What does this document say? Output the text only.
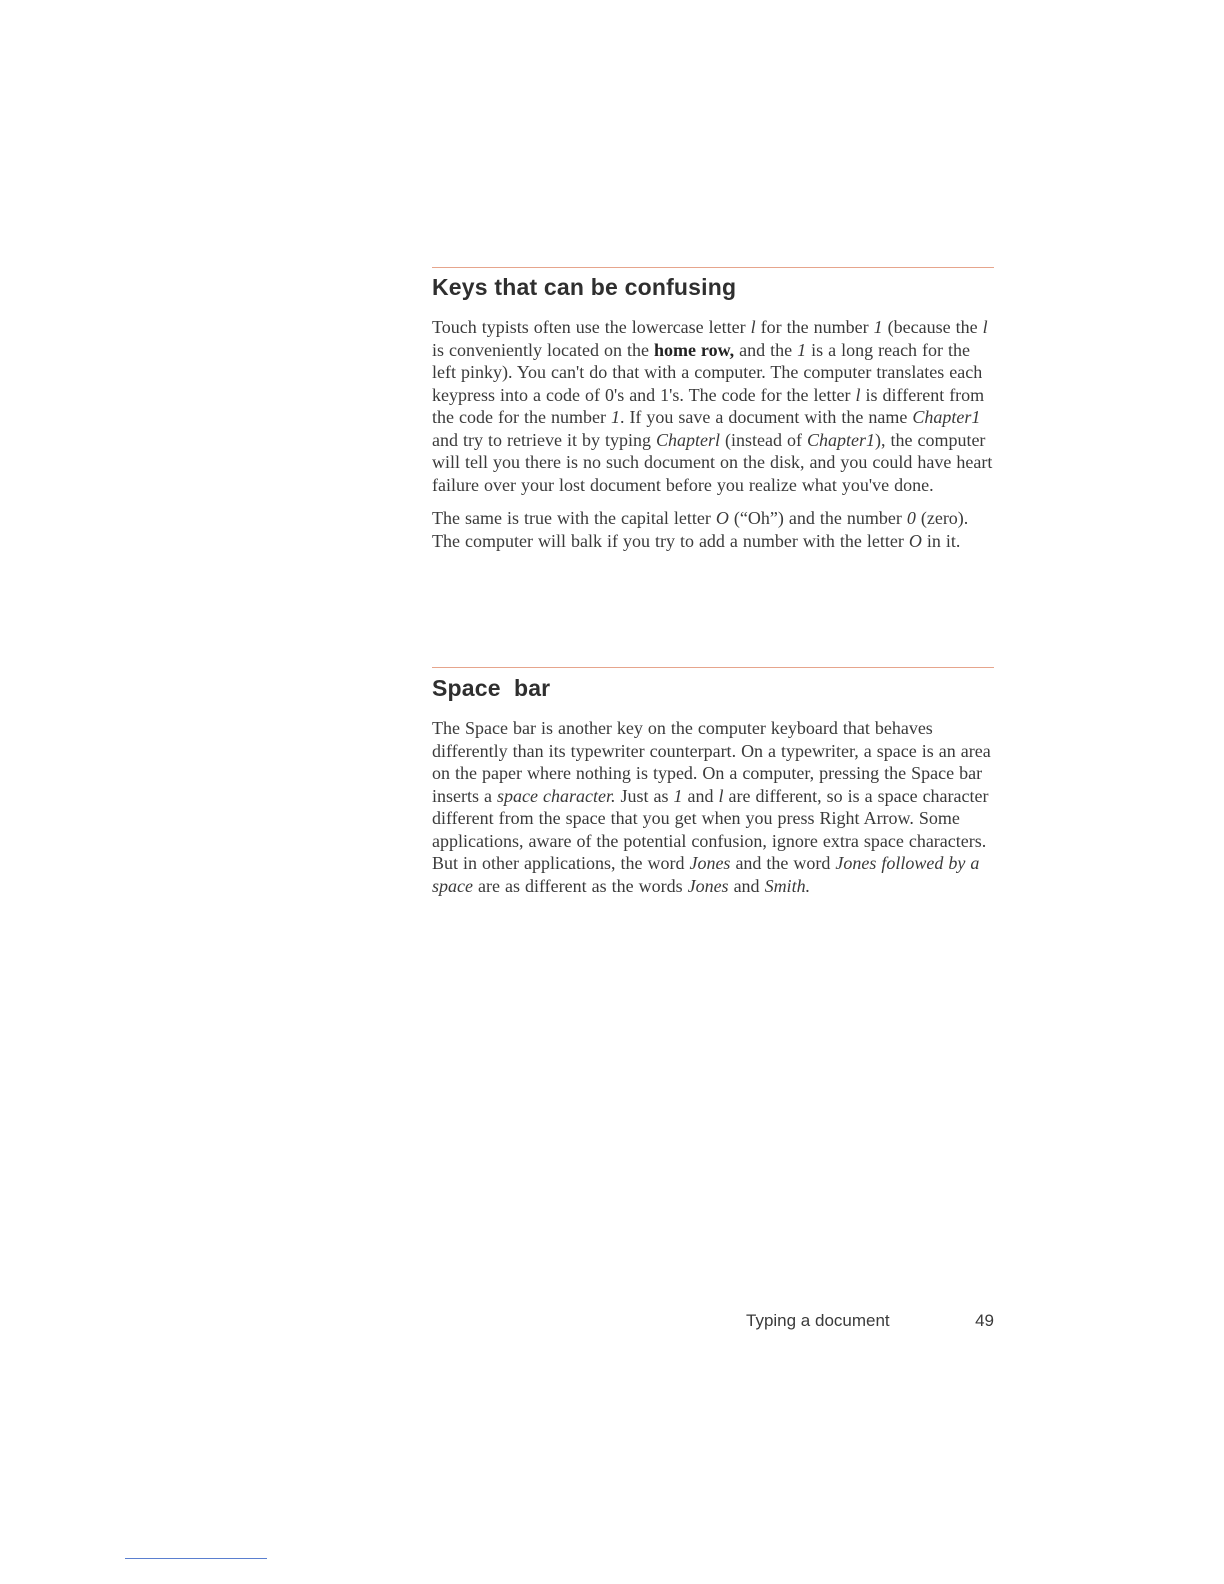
Keys that can be confusing

Touch typists often use the lowercase letter l for the number 1 (because the l is conveniently located on the home row, and the 1 is a long reach for the left pinky). You can't do that with a computer. The computer translates each keypress into a code of 0's and 1's. The code for the letter l is different from the code for the number 1. If you save a document with the name Chapter1 and try to retrieve it by typing Chapterl (instead of Chapter1), the computer will tell you there is no such document on the disk, and you could have heart failure over your lost document before you realize what you've done.

The same is true with the capital letter O (“Oh”) and the number 0 (zero). The computer will balk if you try to add a number with the letter O in it.

Space  bar

The Space bar is another key on the computer keyboard that behaves differently than its typewriter counterpart. On a typewriter, a space is an area on the paper where nothing is typed. On a computer, pressing the Space bar inserts a space character. Just as 1 and l are different, so is a space character different from the space that you get when you press Right Arrow. Some applications, aware of the potential confusion, ignore extra space characters. But in other applications, the word Jones and the word Jones followed by a space are as different as the words Jones and Smith.

Typing a document	49
